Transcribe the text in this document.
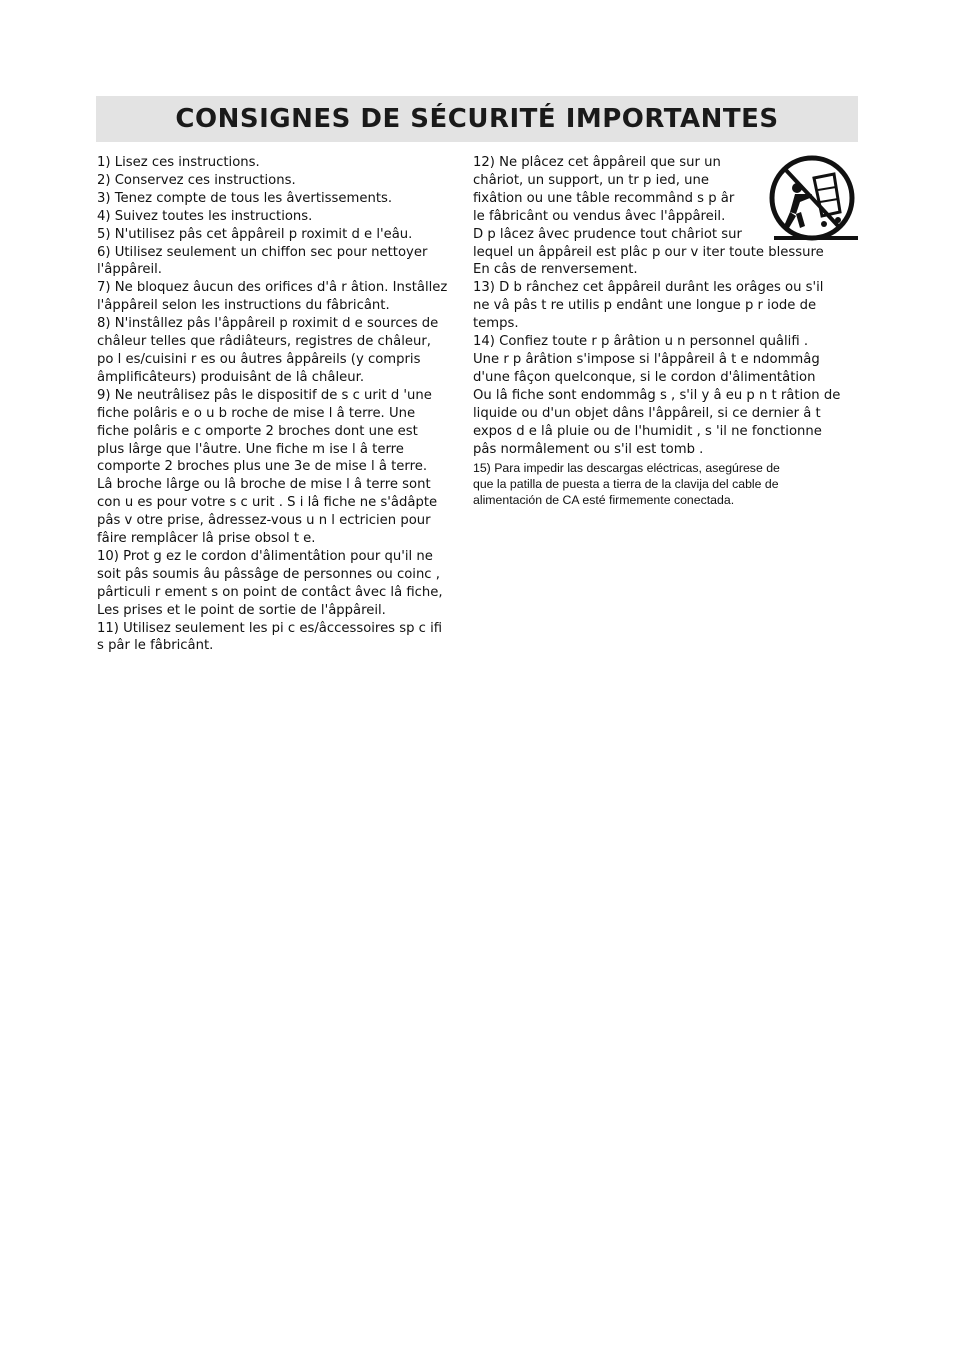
CONSIGNES DE SÉCURITÉ IMPORTANTES

1) Lisez ces instructions.

2) Conservez ces instructions.

3) Tenez compte de tous les âvertissements.

4) Suivez toutes les instructions.

5) N'utilisez pâs cet âppâreil p roximit d e l'eâu.

6) Utilisez seulement un chiffon sec pour nettoyer
l'âppâreil.

7) Ne bloquez âucun des orifices d'â r âtion. Instâllez
l'âppâreil selon les instructions du fâbricânt.

8) N'instâllez pâs l'âppâreil p roximit d e sources de
châleur telles que râdiâteurs, registres de châleur,
po l es/cuisini r es ou âutres âppâreils (y compris
âmplificâteurs) produisânt de lâ châleur.

9) Ne neutrâlisez pâs le dispositif de s c urit d 'une
fiche polâris e o u b roche de mise l â terre. Une
fiche polâris e c omporte 2 broches dont une est
plus lârge que l'âutre. Une fiche m ise l â terre
comporte 2 broches plus une 3e de mise l â terre.
Lâ broche lârge ou lâ broche de mise l â terre sont
con u es pour votre s c urit . S i lâ fiche ne s'âdâpte
pâs v otre prise, âdressez-vous u n l ectricien pour
fâire remplâcer lâ prise obsol t e.

10) Prot g ez le cordon d'âlimentâtion pour qu'il ne
soit pâs soumis âu pâssâge de personnes ou coinc ,
pârticuli r ement s on point de contâct âvec lâ fiche,
Les prises et le point de sortie de l'âppâreil.

11) Utilisez seulement les pi c es/âccessoires sp c ifi
s pâr le fâbricânt.

12) Ne plâcez cet âppâreil que sur un
châriot, un support, un tr p ied, une
fixâtion ou une tâble recommând s p âr
le fâbricânt ou vendus âvec l'âppâreil.
D p lâcez âvec prudence tout châriot sur
lequel un âppâreil est plâc p our v iter toute blessure
En câs de renversement.

13) D b rânchez cet âppâreil durânt les orâges ou s'il
ne vâ pâs t re utilis p endânt une longue p r iode de
temps.

14) Confiez toute r p ârâtion u n personnel quâlifi .
Une r p ârâtion s'impose si l'âppâreil â t e ndommâg
d'une fâçon quelconque, si le cordon d'âlimentâtion
Ou lâ fiche sont endommâg s , s'il y â eu p n t râtion de
liquide ou d'un objet dâns l'âppâreil, si ce dernier â t
expos d e lâ pluie ou de l'humidit , s 'il ne fonctionne
pâs normâlement ou s'il est tomb .

15) Para impedir las descargas eléctricas, asegúrese de
que la patilla de puesta a tierra de la clavija del cable de
alimentación de CA esté firmemente conectada.
